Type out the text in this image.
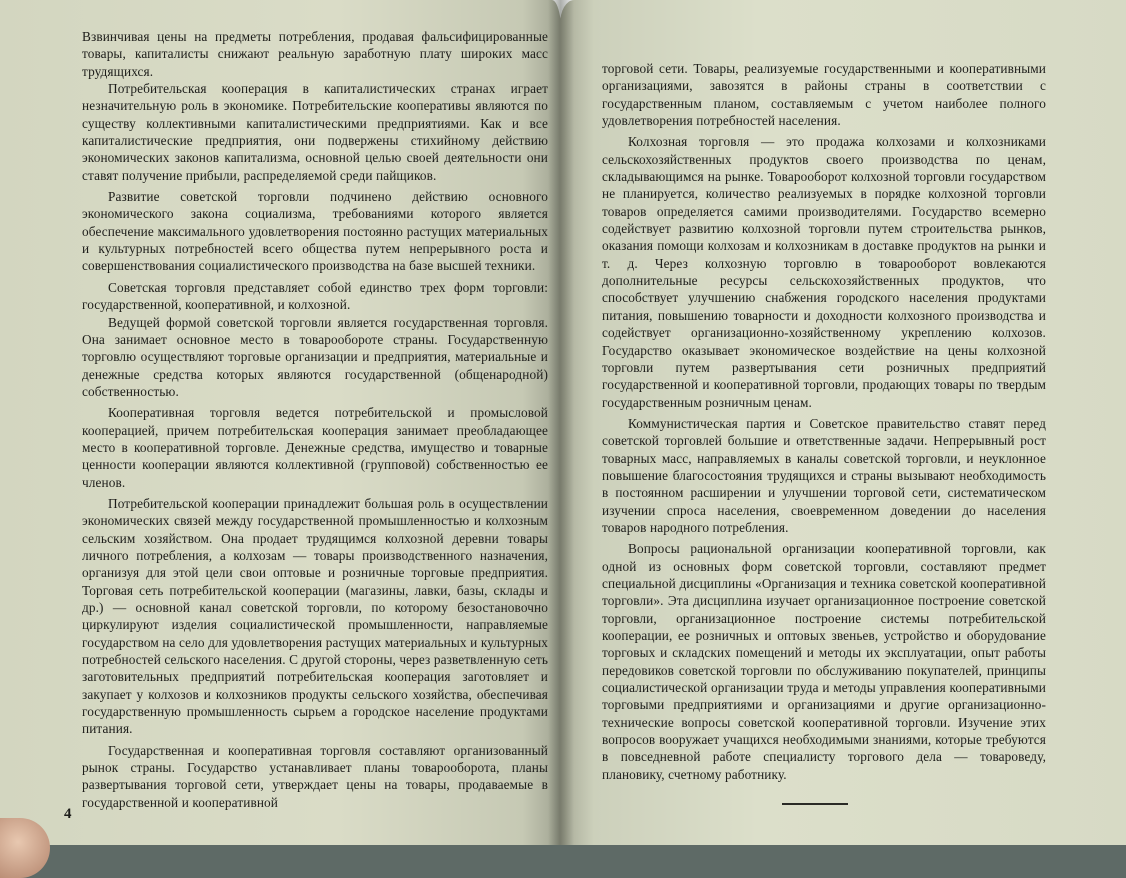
Взвинчивая цены на предметы потребления, продавая фальсифицированные товары, капиталисты снижают реальную заработную плату широких масс трудящихся.

Потребительская кооперация в капиталистических странах играет незначительную роль в экономике. Потребительские кооперативы являются по существу коллективными капиталистическими предприятиями. Как и все капиталистические предприятия, они подвержены стихийному действию экономических законов капитализма, основной целью своей деятельности они ставят получение прибыли, распределяемой среди пайщиков.

Развитие советской торговли подчинено действию основного экономического закона социализма, требованиями которого является обеспечение максимального удовлетворения постоянно растущих материальных и культурных потребностей всего общества путем непрерывного роста и совершенствования социалистического производства на базе высшей техники.

Советская торговля представляет собой единство трех форм торговли: государственной, кооперативной, и колхозной.

Ведущей формой советской торговли является государственная торговля. Она занимает основное место в товарообороте страны. Государственную торговлю осуществляют торговые организации и предприятия, материальные и денежные средства которых являются государственной (общенародной) собственностью.

Кооперативная торговля ведется потребительской и промысловой кооперацией, причем потребительская кооперация занимает преобладающее место в кооперативной торговле. Денежные средства, имущество и товарные ценности кооперации являются коллективной (групповой) собственностью ее членов.

Потребительской кооперации принадлежит большая роль в осуществлении экономических связей между государственной промышленностью и колхозным сельским хозяйством. Она продает трудящимся колхозной деревни товары личного потребления, а колхозам — товары производственного назначения, организуя для этой цели свои оптовые и розничные торговые предприятия. Торговая сеть потребительской кооперации (магазины, лавки, базы, склады и др.) — основной канал советской торговли, по которому безостановочно циркулируют изделия социалистической промышленности, направляемые государством на село для удовлетворения растущих материальных и культурных потребностей сельского населения. С другой стороны, через разветвленную сеть заготовительных предприятий потребительская кооперация заготовляет и закупает у колхозов и колхозников продукты сельского хозяйства, обеспечивая государственную промышленность сырьем а городское население продуктами питания.

Государственная и кооперативная торговля составляют организованный рынок страны. Государство устанавливает планы товарооборота, планы развертывания торговой сети, утверждает цены на товары, продаваемые в государственной и кооперативной

4

торговой сети. Товары, реализуемые государственными и кооперативными организациями, завозятся в районы страны в соответствии с государственным планом, составляемым с учетом наиболее полного удовлетворения потребностей населения.

Колхозная торговля — это продажа колхозами и колхозниками сельскохозяйственных продуктов своего производства по ценам, складывающимся на рынке. Товарооборот колхозной торговли государством не планируется, количество реализуемых в порядке колхозной торговли товаров определяется самими производителями. Государство всемерно содействует развитию колхозной торговли путем строительства рынков, оказания помощи колхозам и колхозникам в доставке продуктов на рынки и т. д. Через колхозную торговлю в товарооборот вовлекаются дополнительные ресурсы сельскохозяйственных продуктов, что способствует улучшению снабжения городского населения продуктами питания, повышению товарности и доходности колхозного производства и содействует организационно-хозяйственному укреплению колхозов. Государство оказывает экономическое воздействие на цены колхозной торговли путем развертывания сети розничных предприятий государственной и кооперативной торговли, продающих товары по твердым государственным розничным ценам.

Коммунистическая партия и Советское правительство ставят перед советской торговлей большие и ответственные задачи. Непрерывный рост товарных масс, направляемых в каналы советской торговли, и неуклонное повышение благосостояния трудящихся и страны вызывают необходимость в постоянном расширении и улучшении торговой сети, систематическом изучении спроса населения, своевременном доведении до населения товаров народного потребления.

Вопросы рациональной организации кооперативной торговли, как одной из основных форм советской торговли, составляют предмет специальной дисциплины «Организация и техника советской кооперативной торговли». Эта дисциплина изучает организационное построение советской торговли, организационное построение системы потребительской кооперации, ее розничных и оптовых звеньев, устройство и оборудование торговых и складских помещений и методы их эксплуатации, опыт работы передовиков советской торговли по обслуживанию покупателей, принципы социалистической организации труда и методы управления кооперативными торговыми предприятиями и организациями и другие организационно-технические вопросы советской кооперативной торговли. Изучение этих вопросов вооружает учащихся необходимыми знаниями, которые требуются в повседневной работе специалисту торгового дела — товароведу, плановику, счетному работнику.
